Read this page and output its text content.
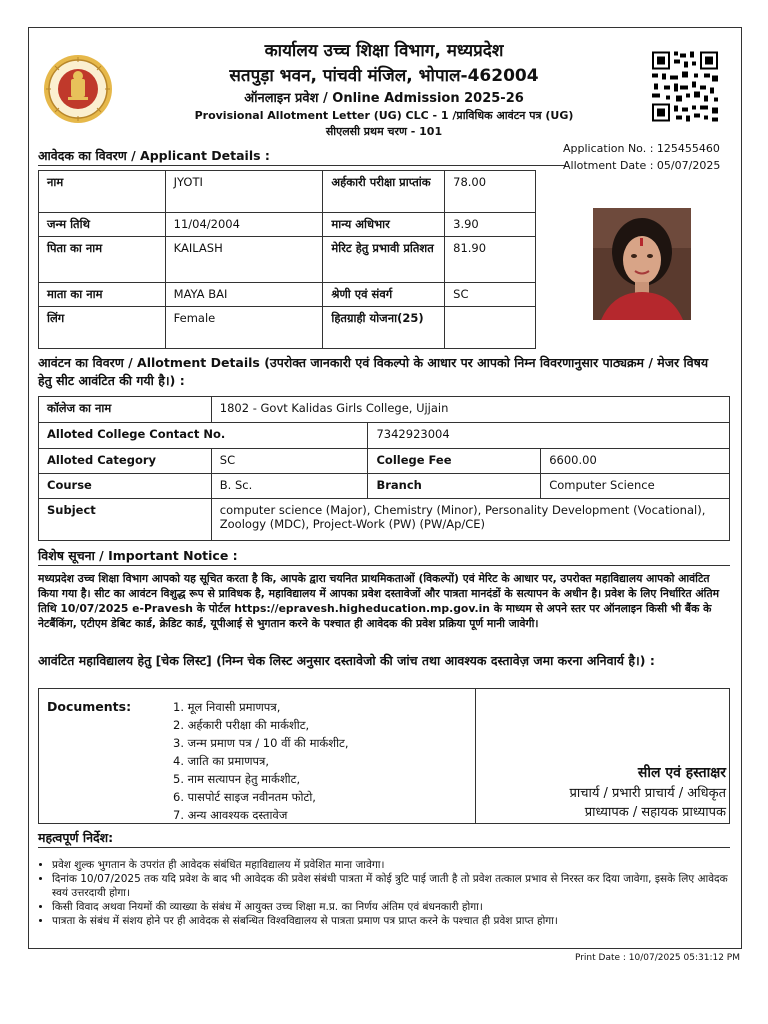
कार्यालय उच्च शिक्षा विभाग, मध्यप्रदेश
सतपुड़ा भवन, पांचवी मंजिल, भोपाल-462004
ऑनलाइन प्रवेश / Online Admission 2025-26
Provisional Allotment Letter (UG) CLC - 1 /प्राविधिक आवंटन पत्र (UG)
सीएलसी प्रथम चरण - 101
Application No. : 125455460
Allotment Date : 05/07/2025
आवेदक का विवरण / Applicant Details :
नाम	JYOTI	अर्हकारी परीक्षा प्राप्तांक	78.00
जन्म तिथि	11/04/2004	मान्य अधिभार	3.90
पिता का नाम	KAILASH	मेरिट हेतु प्रभावी प्रतिशत	81.90
माता का नाम	MAYA BAI	श्रेणी एवं संवर्ग	SC
लिंग	Female	हितग्राही योजना(25)	
आवंटन का विवरण / Allotment Details (उपरोक्त जानकारी एवं विकल्पो के आधार पर आपको निम्न विवरणानुसार पाठ्यक्रम / मेजर विषय हेतु सीट आवंटित की गयी है।) :
कॉलेज का नाम	1802 - Govt Kalidas Girls College, Ujjain		
Alloted College Contact No.		7342923004	
Alloted Category	SC	College Fee	6600.00
Course	B. Sc.	Branch	Computer Science
Subject	computer science (Major), Chemistry (Minor), Personality Development (Vocational), Zoology (MDC), Project-Work (PW) (PW/Ap/CE)		
विशेष सूचना / Important Notice :
मध्यप्रदेश उच्च शिक्षा विभाग आपको यह सूचित करता है कि, आपके द्वारा चयनित प्राथमिकताओं (विकल्पों) एवं मेरिट के आधार पर, उपरोक्त महाविद्यालय आपको आवंटित किया गया है। सीट का आवंटन विशुद्ध रूप से प्राविधक है, महाविद्यालय में आपका प्रवेश दस्तावेजों और पात्रता मानदंडों के सत्यापन के अधीन है। प्रवेश के लिए निर्धारित अंतिम तिथि 10/07/2025 e-Pravesh के पोर्टल https://epravesh.higheducation.mp.gov.in के माध्यम से अपने स्तर पर ऑनलाइन किसी भी बैंक के नेटबैंकिंग, एटीएम डेबिट कार्ड, क्रेडिट कार्ड, यूपीआई से भुगतान करने के पश्चात ही आवेदक की प्रवेश प्रक्रिया पूर्ण मानी जावेगी।
आवंटित महाविद्यालय हेतु [चेक लिस्ट] (निम्न चेक लिस्ट अनुसार दस्तावेजो की जांच तथा आवश्यक दस्तावेज़ जमा करना अनिवार्य है।) :
Documents:	1. मूल निवासी प्रमाणपत्र,
2. अर्हकारी परीक्षा की मार्कशीट,
3. जन्म प्रमाण पत्र / 10 वीं की मार्कशीट,
4. जाति का प्रमाणपत्र,
5. नाम सत्यापन हेतु मार्कशीट,
6. पासपोर्ट साइज नवीनतम फोटो,
7. अन्य आवश्यक दस्तावेज
सील एवं हस्ताक्षर
प्राचार्य / प्रभारी प्राचार्य / अधिकृत
प्राध्यापक / सहायक प्राध्यापक
महत्वपूर्ण निर्देश:
• प्रवेश शुल्क भुगतान के उपरांत ही आवेदक संबंधित महाविद्यालय में प्रवेशित माना जावेगा।
• दिनांक 10/07/2025 तक यदि प्रवेश के बाद भी आवेदक की प्रवेश संबंधी पात्रता में कोई त्रुटि पाई जाती है तो प्रवेश तत्काल प्रभाव से निरस्त कर दिया जावेगा, इसके लिए आवेदक स्वयं उत्तरदायी होगा।
• किसी विवाद अथवा नियमों की व्याख्या के संबंध में आयुक्त उच्च शिक्षा म.प्र. का निर्णय अंतिम एवं बंधनकारी होगा।
• पात्रता के संबंध में संशय होने पर ही आवेदक से संबन्धित विश्वविद्यालय से पात्रता प्रमाण पत्र प्राप्त करने के पश्चात ही प्रवेश प्राप्त होगा।
Print Date : 10/07/2025 05:31:12 PM
